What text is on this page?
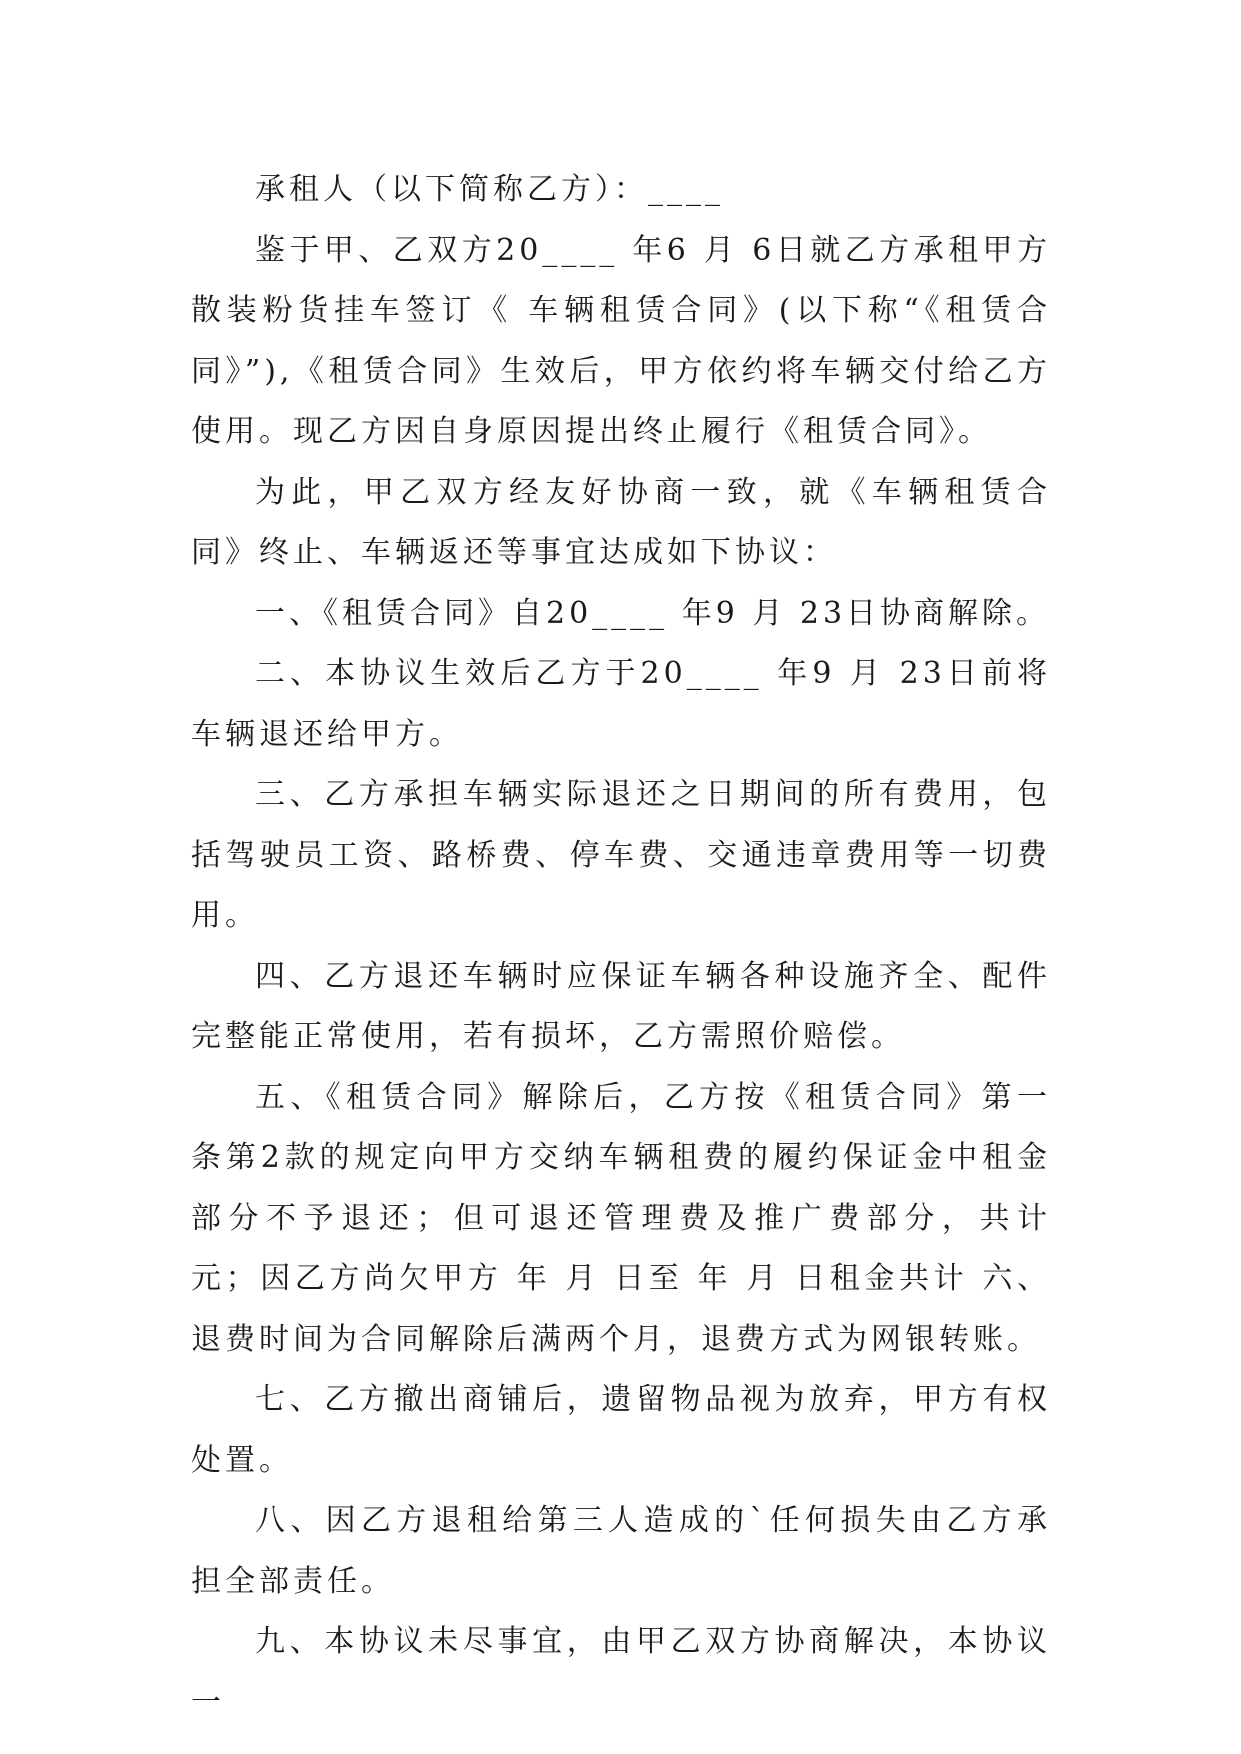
承租人（以下简称乙方）：____

鉴于甲、乙双方20____ 年6 月 6日就乙方承租甲方散装粉货挂车签订《 车辆租赁合同》(以下称“《租赁合同》”),《租赁合同》生效后，甲方依约将车辆交付给乙方使用。现乙方因自身原因提出终止履行《租赁合同》。

为此，甲乙双方经友好协商一致，就《车辆租赁合同》终止、车辆返还等事宜达成如下协议：

一、《租赁合同》自20____ 年9 月 23日协商解除。

二、本协议生效后乙方于20____ 年9 月 23日前将车辆退还给甲方。

三、乙方承担车辆实际退还之日期间的所有费用，包括驾驶员工资、路桥费、停车费、交通违章费用等一切费用。

四、乙方退还车辆时应保证车辆各种设施齐全、配件完整能正常使用，若有损坏，乙方需照价赔偿。

五、《租赁合同》解除后，乙方按《租赁合同》第一条第2款的规定向甲方交纳车辆租费的履约保证金中租金部分不予退还；但可退还管理费及推广费部分，共计 元；因乙方尚欠甲方 年 月 日至 年 月 日租金共计 六、退费时间为合同解除后满两个月，退费方式为网银转账。

七、乙方撤出商铺后，遗留物品视为放弃，甲方有权处置。

八、因乙方退租给第三人造成的`任何损失由乙方承担全部责任。

九、本协议未尽事宜，由甲乙双方协商解决，本协议一
